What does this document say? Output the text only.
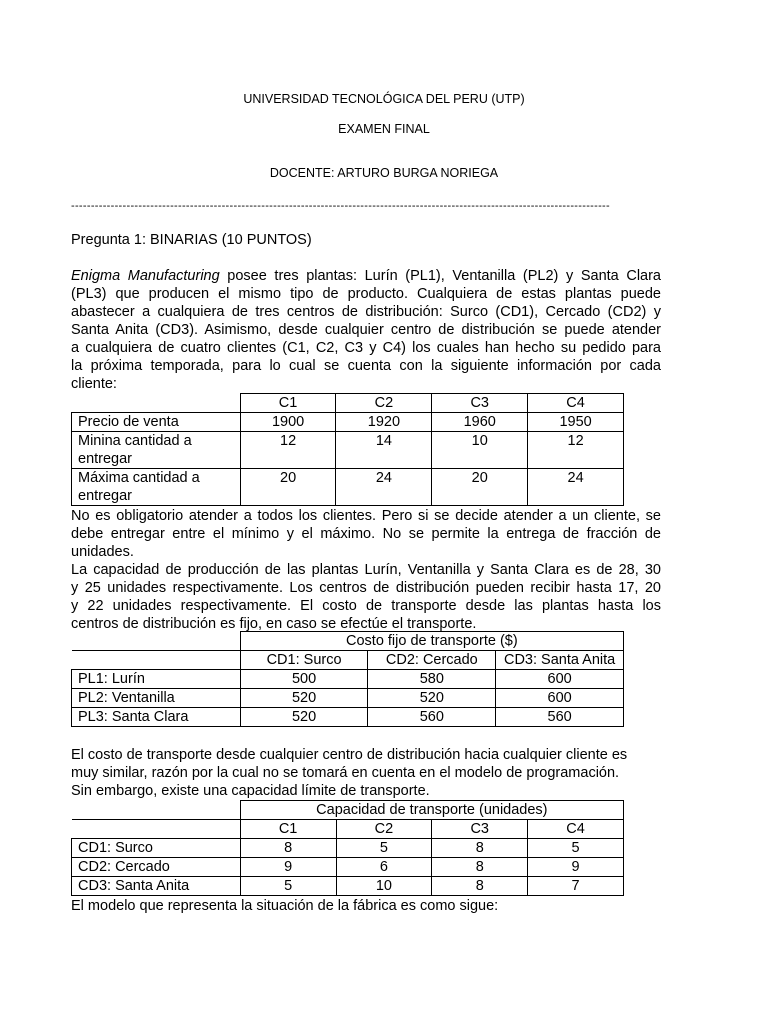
UNIVERSIDAD TECNOLÓGICA DEL PERU (UTP)
EXAMEN FINAL
DOCENTE: ARTURO BURGA NORIEGA
----------------------------------------------------------------------------------------------------------------------------------------
Pregunta 1: BINARIAS (10 PUNTOS)
Enigma Manufacturing posee tres plantas: Lurín (PL1), Ventanilla (PL2) y Santa Clara
(PL3) que producen el mismo tipo de producto. Cualquiera de estas plantas puede
abastecer a cualquiera de tres centros de distribución: Surco (CD1), Cercado (CD2) y
Santa Anita (CD3). Asimismo, desde cualquier centro de distribución se puede atender
a cualquiera de cuatro clientes (C1, C2, C3 y C4) los cuales han hecho su pedido para
la próxima temporada, para lo cual se cuenta con la siguiente información por cada
cliente:
	C1	C2	C3	C4
Precio de venta	1900	1920	1960	1950
Minina cantidad a entregar	12	14	10	12
Máxima cantidad a entregar	20	24	20	24
No es obligatorio atender a todos los clientes. Pero si se decide atender a un cliente, se
debe entregar entre el mínimo y el máximo. No se permite la entrega de fracción de
unidades.
La capacidad de producción de las plantas Lurín, Ventanilla y Santa Clara es de 28, 30
y 25 unidades respectivamente. Los centros de distribución pueden recibir hasta 17, 20
y 22 unidades respectivamente. El costo de transporte desde las plantas hasta los
centros de distribución es fijo, en caso se efectúe el transporte.
	Costo fijo de transporte ($)		
	CD1: Surco	CD2: Cercado	CD3: Santa Anita
PL1: Lurín	500	580	600
PL2: Ventanilla	520	520	600
PL3: Santa Clara	520	560	560
El costo de transporte desde cualquier centro de distribución hacia cualquier cliente es
muy similar, razón por la cual no se tomará en cuenta en el modelo de programación.
Sin embargo, existe una capacidad límite de transporte.
	Capacidad de transporte (unidades)			
	C1	C2	C3	C4
CD1: Surco	8	5	8	5
CD2: Cercado	9	6	8	9
CD3: Santa Anita	5	10	8	7
El modelo que representa la situación de la fábrica es como sigue:
